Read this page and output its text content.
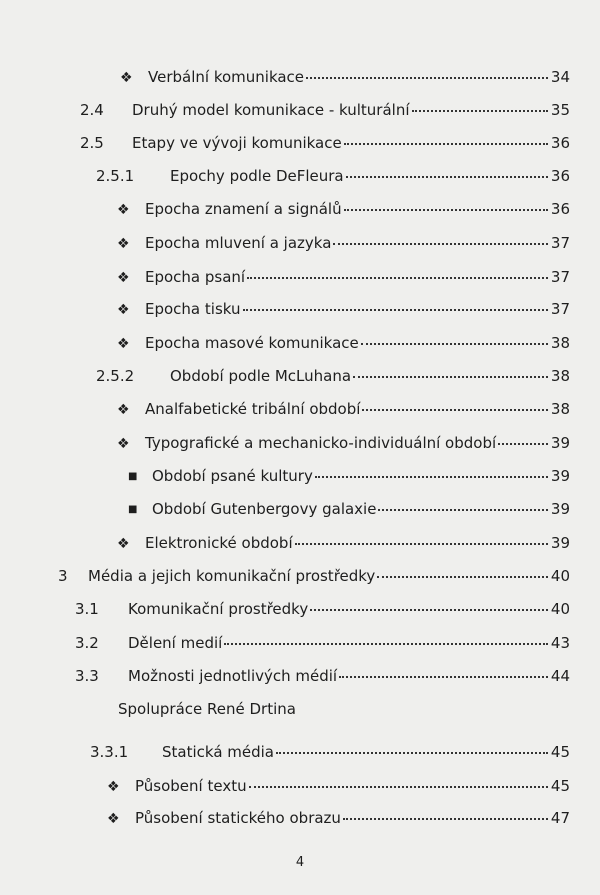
❖	Verbální komunikace	34
2.4	Druhý model komunikace - kulturální	35
2.5	Etapy ve vývoji komunikace	36
2.5.1	Epochy podle DeFleura	36
❖	Epocha znamení a signálů	36
❖	Epocha mluvení a jazyka	37
❖	Epocha psaní	37
❖	Epocha tisku	37
❖	Epocha masové komunikace	38
2.5.2	Období podle McLuhana	38
❖	Analfabetické tribální období	38
❖	Typografické a mechanicko-individuální období	39
■ Období psané kultury	39
■ Období Gutenbergovy galaxie	39
❖	Elektronické období	39
3	Média a jejich komunikační prostředky	40
3.1	Komunikační prostředky	40
3.2	Dělení medií	43
3.3	Možnosti jednotlivých médií	44
3.3.1	Statická média	45
❖	Působení textu	45
❖	Působení statického obrazu	47
Spolupráce René Drtina
4
